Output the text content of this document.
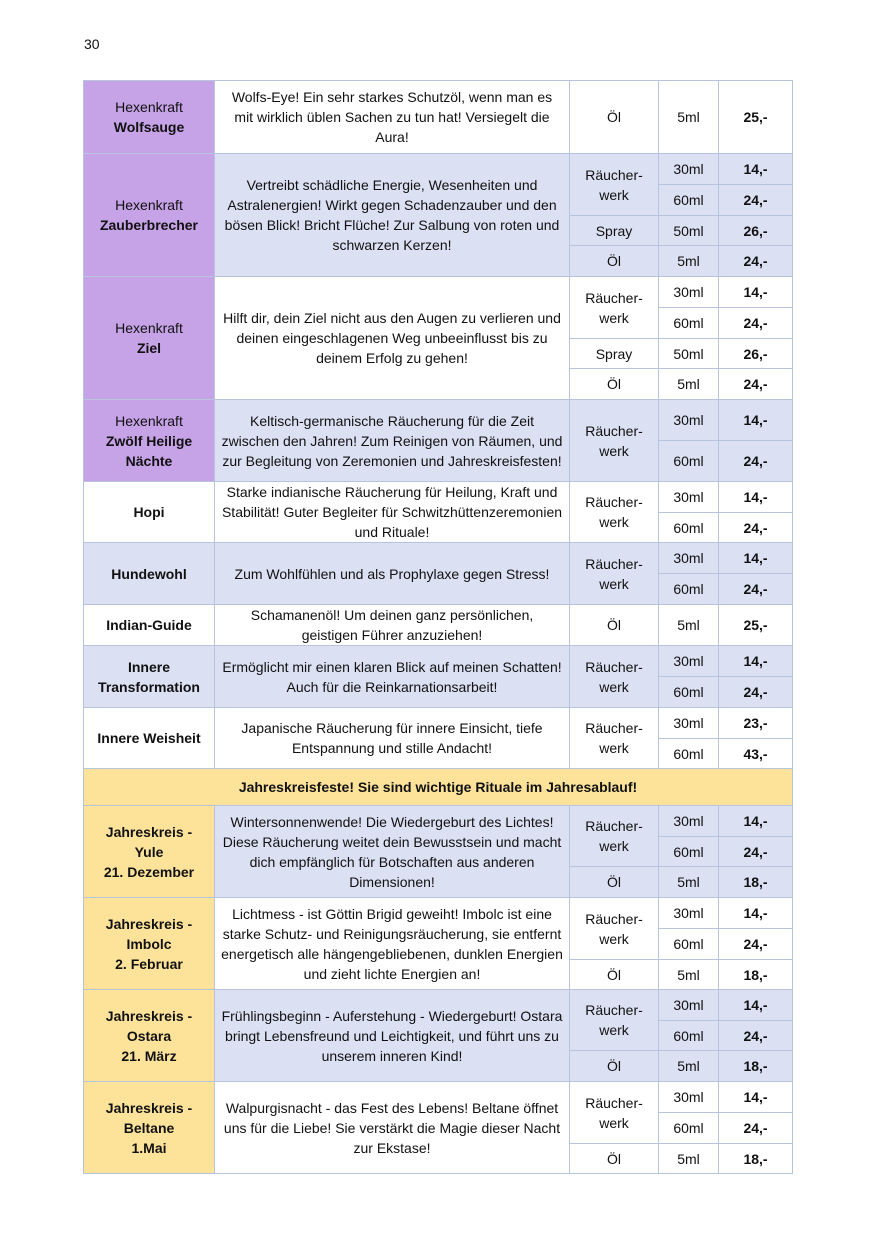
30
Hexenkraft
Wolfsauge	Wolfs-Eye! Ein sehr starkes Schutzöl, wenn man es mit wirklich üblen Sachen zu tun hat! Versiegelt die Aura!	Öl	5ml	25,-

Hexenkraft
Zauberbrecher	Vertreibt schädliche Energie, Wesenheiten und Astralenergien! Wirkt gegen Schadenzauber und den bösen Blick! Bricht Flüche! Zur Salbung von roten und schwarzen Kerzen!	Räucher-werk	30ml	14,-
			60ml	24,-
		Spray	50ml	26,-
		Öl	5ml	24,-

Hexenkraft
Ziel	Hilft dir, dein Ziel nicht aus den Augen zu verlieren und deinen eingeschlagenen Weg unbeeinflusst bis zu deinem Erfolg zu gehen!	Räucher-werk	30ml	14,-
			60ml	24,-
		Spray	50ml	26,-
		Öl	5ml	24,-

Hexenkraft
Zwölf Heilige Nächte	Keltisch-germanische Räucherung für die Zeit zwischen den Jahren! Zum Reinigen von Räumen, und zur Begleitung von Zeremonien und Jahreskreisfesten!	Räucher-werk	30ml	14,-
			60ml	24,-

Hopi	Starke indianische Räucherung für Heilung, Kraft und Stabilität! Guter Begleiter für Schwitzhüttenzeremonien und Rituale!	Räucher-werk	30ml	14,-
			60ml	24,-

Hundewohl	Zum Wohlfühlen und als Prophylaxe gegen Stress!	Räucher-werk	30ml	14,-
			60ml	24,-

Indian-Guide	Schamanenöl! Um deinen ganz persönlichen, geistigen Führer anzuziehen!	Öl	5ml	25,-

Innere Transformation	Ermöglicht mir einen klaren Blick auf meinen Schatten! Auch für die Reinkarnationsarbeit!	Räucher-werk	30ml	14,-
			60ml	24,-

Innere Weisheit	Japanische Räucherung für innere Einsicht, tiefe Entspannung und stille Andacht!	Räucher-werk	30ml	23,-
			60ml	43,-
Jahreskreisfeste! Sie sind wichtige Rituale im Jahresablauf!				

Jahreskreis -
Yule
21. Dezember	Wintersonnenwende! Die Wiedergeburt des Lichtes! Diese Räucherung weitet dein Bewusstsein und macht dich empfänglich für Botschaften aus anderen Dimensionen!	Räucher-werk	30ml	14,-
			60ml	24,-
		Öl	5ml	18,-

Jahreskreis -
Imbolc
2. Februar	Lichtmess - ist Göttin Brigid geweiht! Imbolc ist eine starke Schutz- und Reinigungsräucherung, sie entfernt energetisch alle hängengebliebenen, dunklen Energien und zieht lichte Energien an!	Räucher-werk	30ml	14,-
			60ml	24,-
		Öl	5ml	18,-

Jahreskreis -
Ostara
21. März	Frühlingsbeginn - Auferstehung - Wiedergeburt! Ostara bringt Lebensfreund und Leichtigkeit, und führt uns zu unserem inneren Kind!	Räucher-werk	30ml	14,-
			60ml	24,-
		Öl	5ml	18,-

Jahreskreis -
Beltane
1.Mai	Walpurgisnacht - das Fest des Lebens! Beltane öffnet uns für die Liebe! Sie verstärkt die Magie dieser Nacht zur Ekstase!	Räucher-werk	30ml	14,-
			60ml	24,-
		Öl	5ml	18,-
